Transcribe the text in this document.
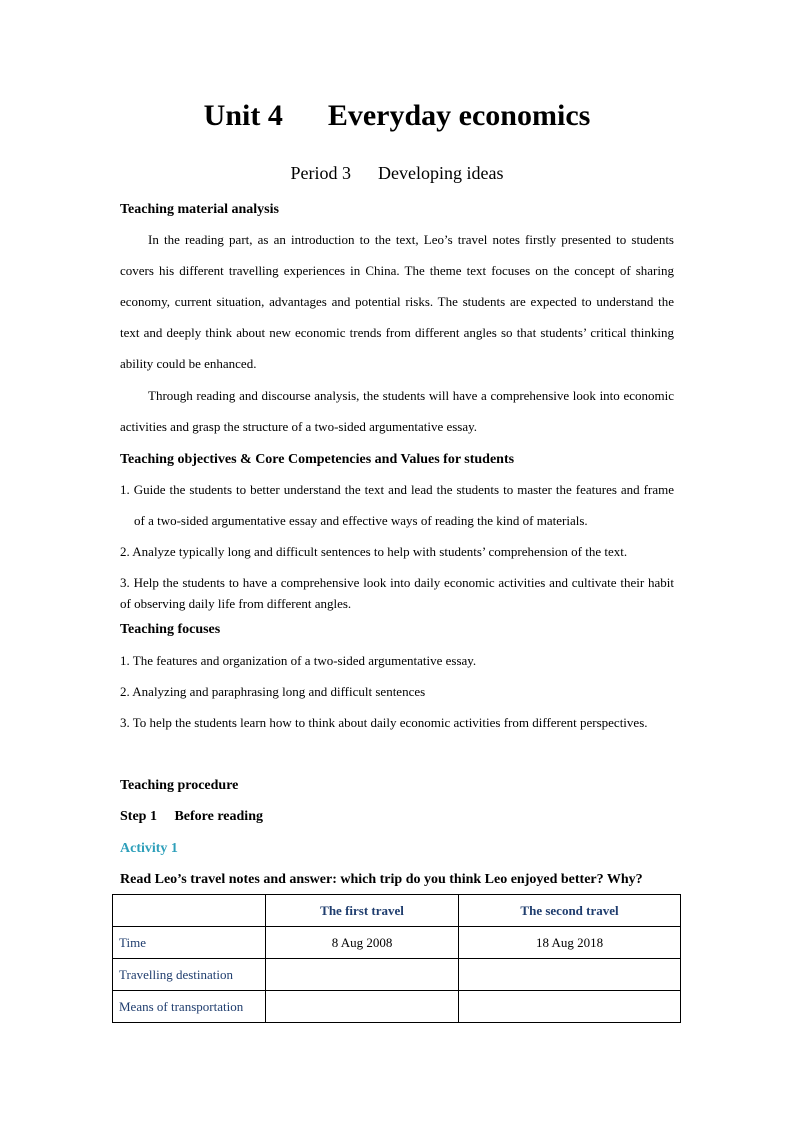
Unit 4      Everyday economics
Period 3      Developing ideas
Teaching material analysis
In the reading part, as an introduction to the text, Leo’s travel notes firstly presented to students covers his different travelling experiences in China. The theme text focuses on the concept of sharing economy, current situation, advantages and potential risks. The students are expected to understand the text and deeply think about new economic trends from different angles so that students’ critical thinking ability could be enhanced.
Through reading and discourse analysis, the students will have a comprehensive look into economic activities and grasp the structure of a two-sided argumentative essay.
Teaching objectives & Core Competencies and Values for students
1. Guide the students to better understand the text and lead the students to master the features and frame of a two-sided argumentative essay and effective ways of reading the kind of materials.
2. Analyze typically long and difficult sentences to help with students’ comprehension of the text.
3. Help the students to have a comprehensive look into daily economic activities and cultivate their habit of observing daily life from different angles.
Teaching focuses
1. The features and organization of a two-sided argumentative essay.
2. Analyzing and paraphrasing long and difficult sentences
3. To help the students learn how to think about daily economic activities from different perspectives.
Teaching procedure
Step 1     Before reading
Activity 1
Read Leo’s travel notes and answer: which trip do you think Leo enjoyed better? Why?
	The first travel	The second travel
Time	8 Aug 2008	18 Aug 2018
Travelling destination		
Means of transportation		
